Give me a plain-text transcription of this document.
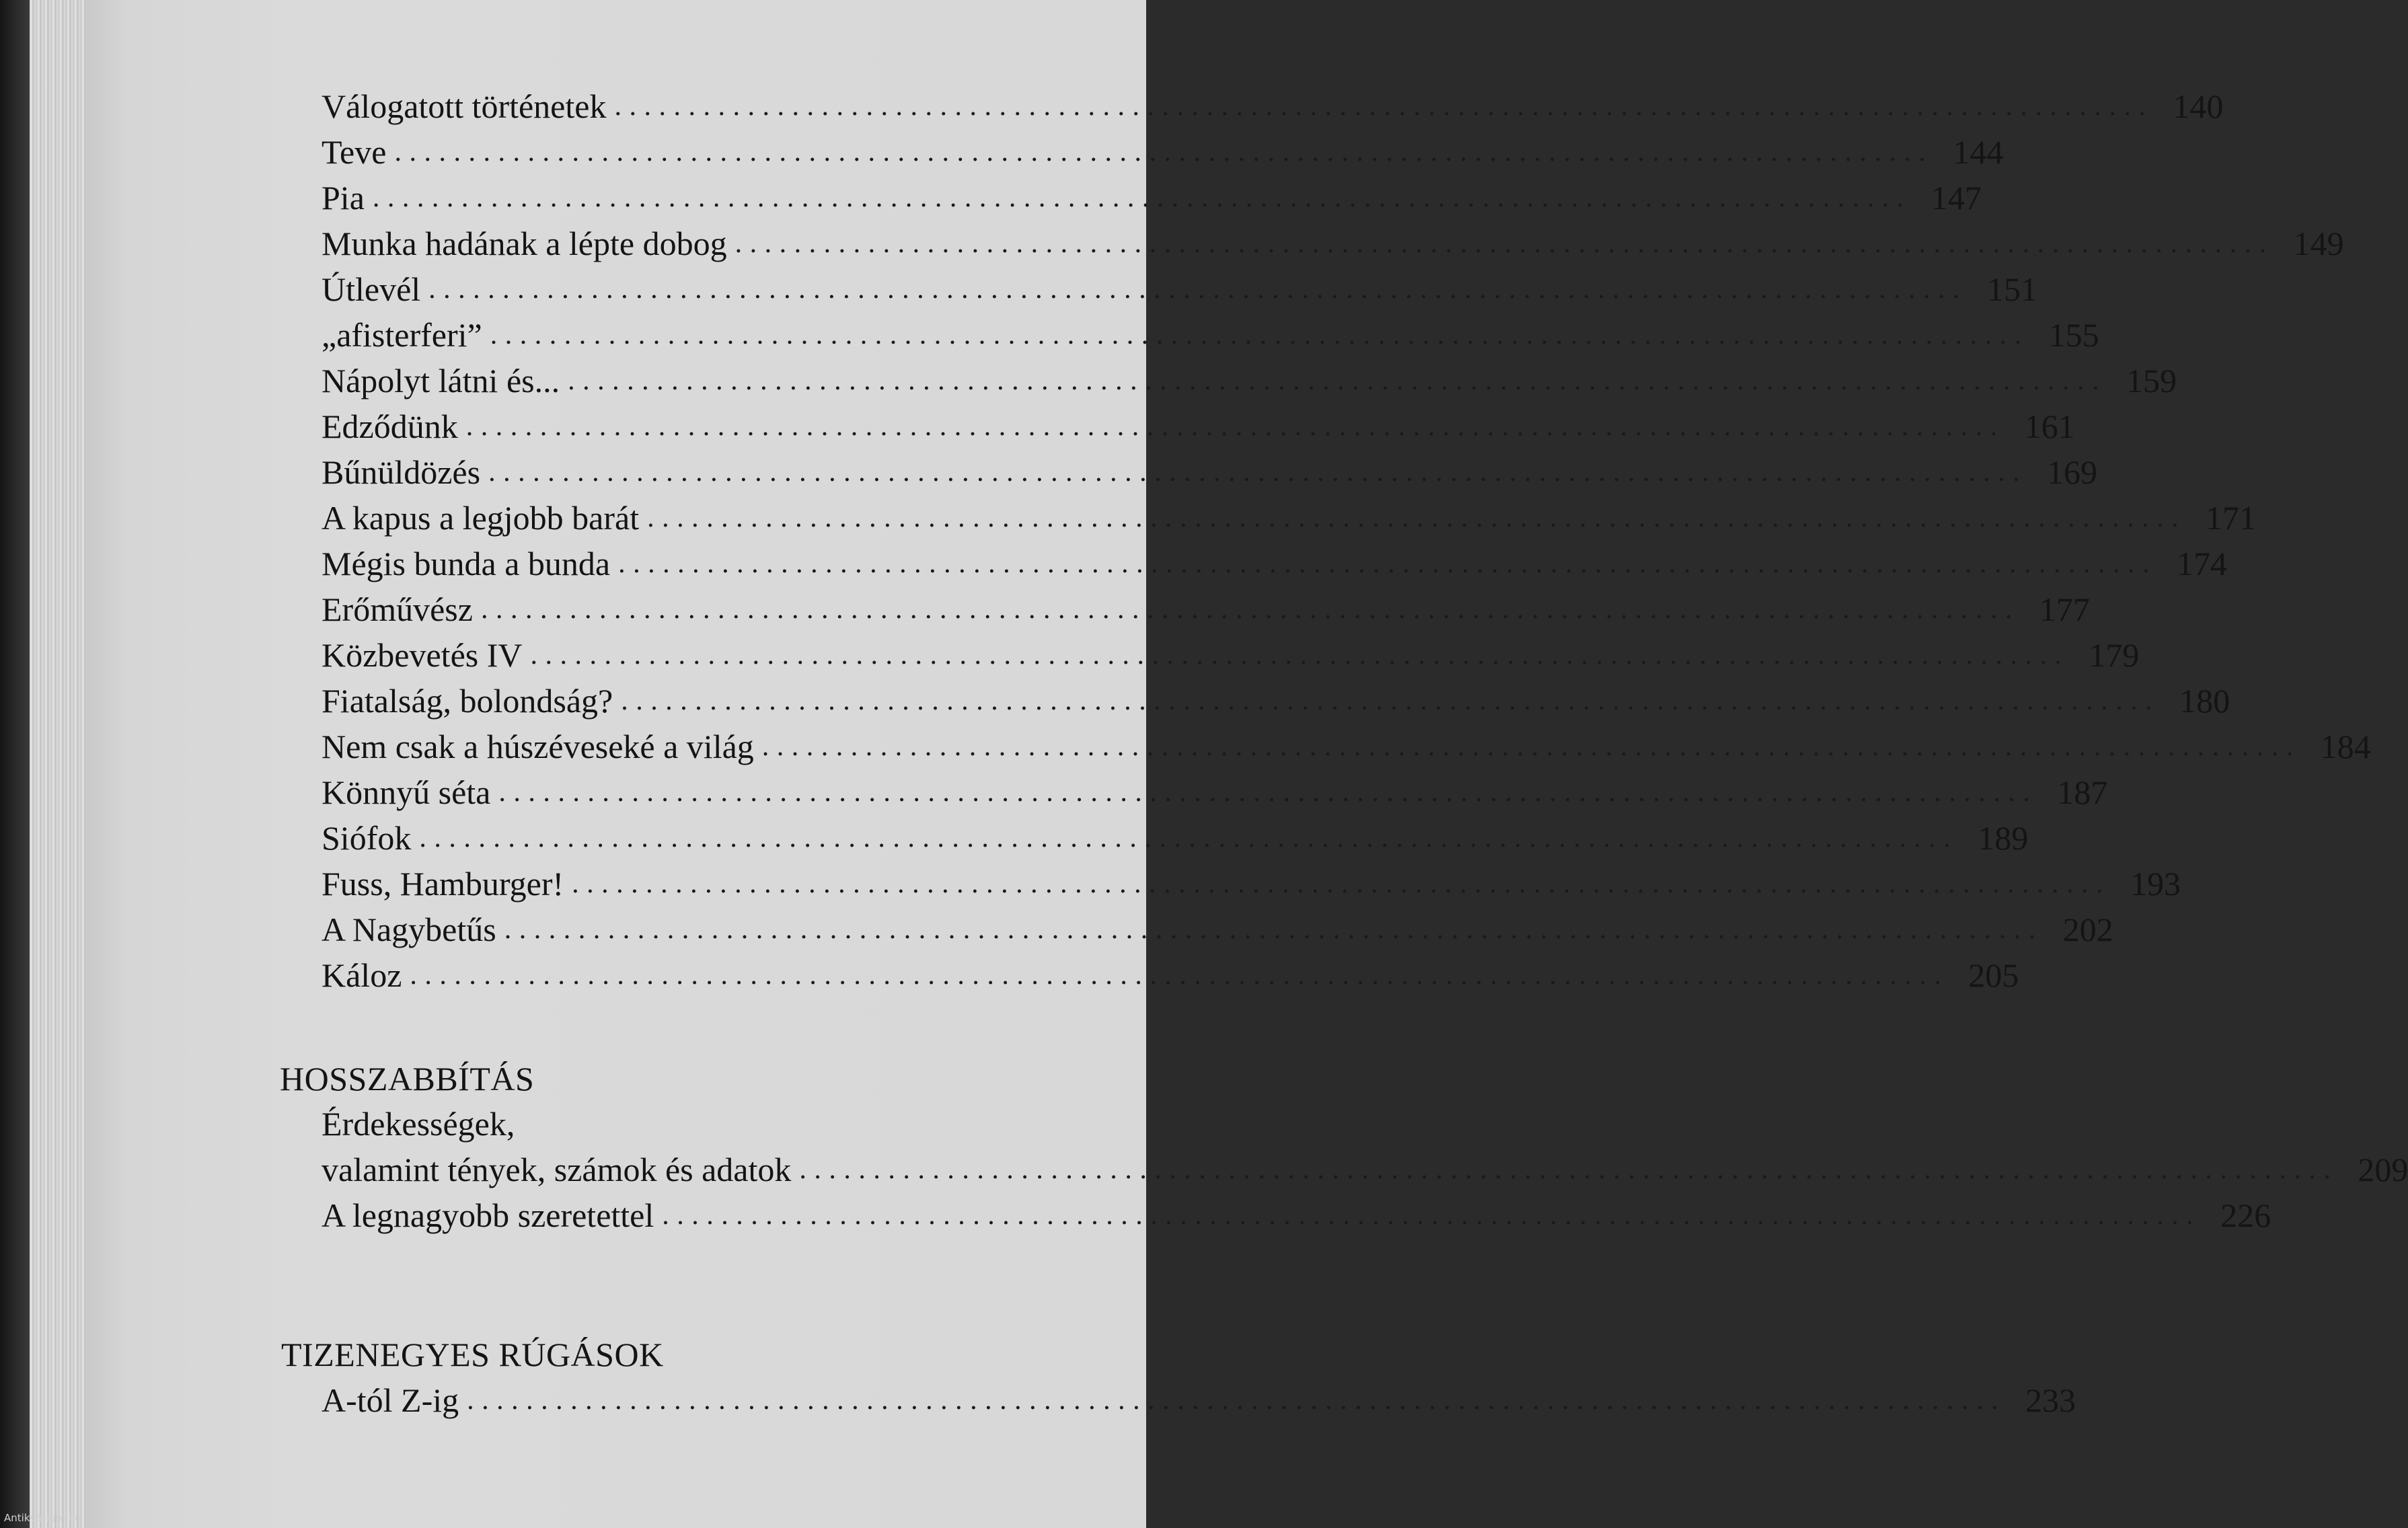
Válogatott történetek ........................................................................................................ 140
Teve ........................................................................................................ 144
Pia ........................................................................................................ 147
Munka hadának a lépte dobog ........................................................................................................ 149
Útlevél ........................................................................................................ 151
„afisterferi” ........................................................................................................ 155
Nápolyt látni és... ........................................................................................................ 159
Edződünk ........................................................................................................ 161
Bűnüldözés ........................................................................................................ 169
A kapus a legjobb barát ........................................................................................................ 171
Mégis bunda a bunda ........................................................................................................ 174
Erőművész ........................................................................................................ 177
Közbevetés IV ........................................................................................................ 179
Fiatalság, bolondság? ........................................................................................................ 180
Nem csak a húszéveseké a világ ........................................................................................................ 184
Könnyű séta ........................................................................................................ 187
Siófok ........................................................................................................ 189
Fuss, Hamburger! ........................................................................................................ 193
A Nagybetűs ........................................................................................................ 202
Káloz ........................................................................................................ 205
HOSSZABBÍTÁS
Érdekességek,
valamint tények, számok és adatok ........................................................................................................ 209
A legnagyobb szeretettel ........................................................................................................ 226
TIZENEGYES RÚGÁSOK
A-tól Z-ig ........................................................................................................ 233
Antikvárium.hu
